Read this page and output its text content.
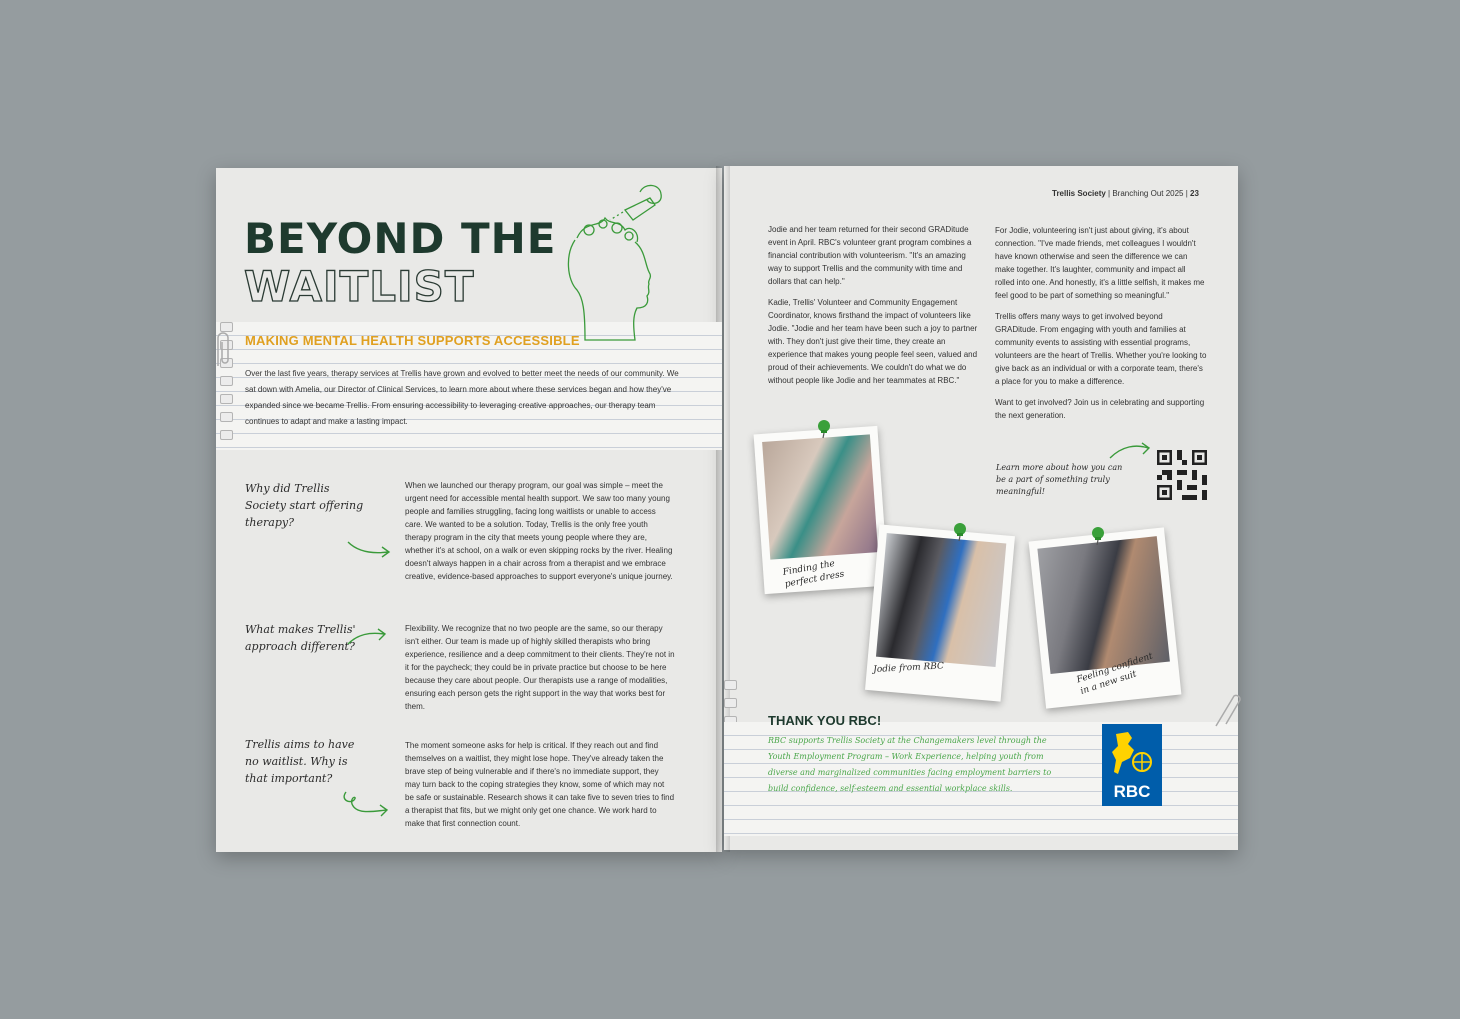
BEYOND THE
WAITLIST
MAKING MENTAL HEALTH SUPPORTS ACCESSIBLE

Over the last five years, therapy services at Trellis have grown and evolved to better meet the needs of our community. We sat down with Amelia, our Director of Clinical Services, to learn more about where these services began and how they've expanded since we became Trellis. From ensuring accessibility to leveraging creative approaches, our therapy team continues to adapt and make a lasting impact.

Why did Trellis Society start offering therapy?

When we launched our therapy program, our goal was simple – meet the urgent need for accessible mental health support. We saw too many young people and families struggling, facing long waitlists or unable to access care. We wanted to be a solution. Today, Trellis is the only free youth therapy program in the city that meets young people where they are, whether it's at school, on a walk or even skipping rocks by the river. Healing doesn't always happen in a chair across from a therapist and we embrace creative, evidence-based approaches to support everyone's unique journey.

What makes Trellis' approach different?

Flexibility. We recognize that no two people are the same, so our therapy isn't either. Our team is made up of highly skilled therapists who bring experience, resilience and a deep commitment to their clients. They're not in it for the paycheck; they could be in private practice but choose to be here because they care about people. Our therapists use a range of modalities, ensuring each person gets the right support in the way that works best for them.

Trellis aims to have no waitlist. Why is that important?

The moment someone asks for help is critical. If they reach out and find themselves on a waitlist, they might lose hope. They've already taken the brave step of being vulnerable and if there's no immediate support, they may turn back to the coping strategies they know, some of which may not be safe or sustainable. Research shows it can take five to seven tries to find a therapist that fits, but we might only get one chance. We work hard to make that first connection count.

Trellis Society | Branching Out 2025 | 23

Jodie and her team returned for their second GRADitude event in April. RBC's volunteer grant program combines a financial contribution with volunteerism. "It's an amazing way to support Trellis and the community with time and dollars that can help."

Kadie, Trellis' Volunteer and Community Engagement Coordinator, knows firsthand the impact of volunteers like Jodie. "Jodie and her team have been such a joy to partner with. They don't just give their time, they create an experience that makes young people feel seen, valued and proud of their achievements. We couldn't do what we do without people like Jodie and her teammates at RBC."

For Jodie, volunteering isn't just about giving, it's about connection. "I've made friends, met colleagues I wouldn't have known otherwise and seen the difference we can make together. It's laughter, community and impact all rolled into one. And honestly, it's a little selfish, it makes me feel good to be part of something so meaningful."

Trellis offers many ways to get involved beyond GRADitude. From engaging with youth and families at community events to assisting with essential programs, volunteers are the heart of Trellis. Whether you're looking to give back as an individual or with a corporate team, there's a place for you to make a difference.

Want to get involved? Join us in celebrating and supporting the next generation.

Learn more about how you can be a part of something truly meaningful!

Finding the perfect dress
Jodie from RBC	Feeling confident in a new suit
THANK YOU RBC!

RBC supports Trellis Society at the Changemakers level through the Youth Employment Program – Work Experience, helping youth from diverse and marginalized communities facing employment barriers to build confidence, self-esteem and essential workplace skills.	RBC
